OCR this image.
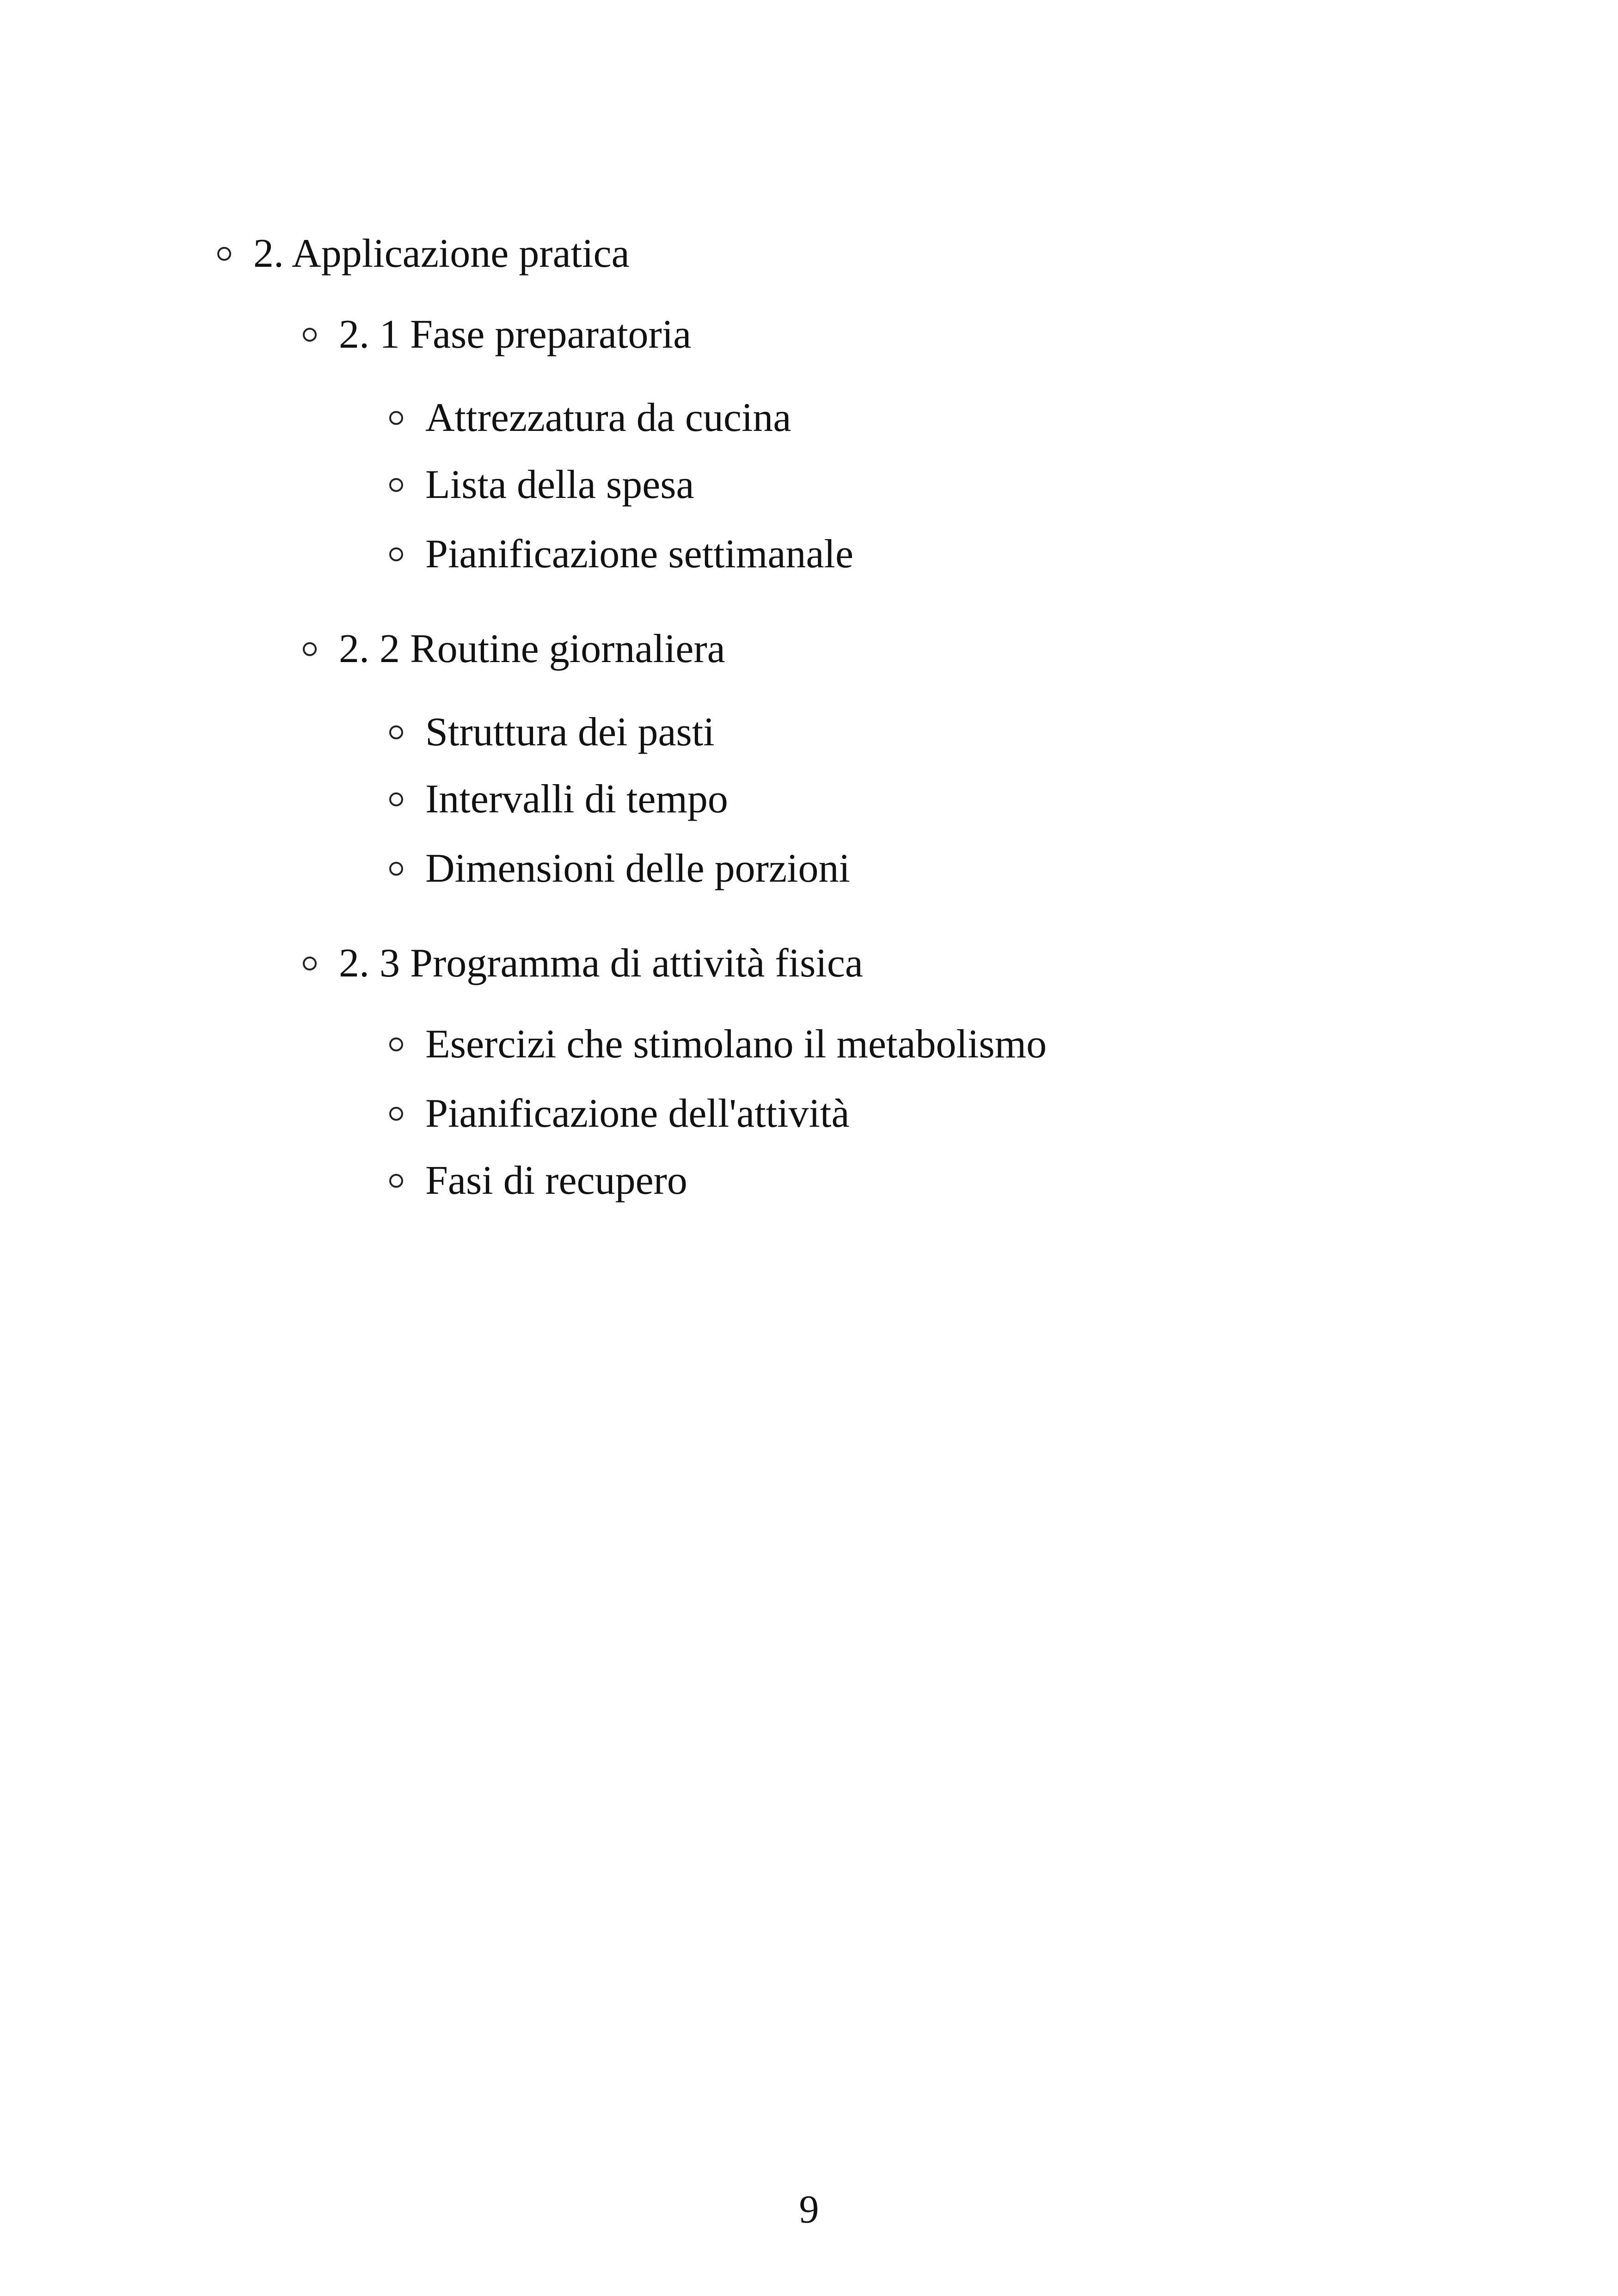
2. Applicazione pratica
2. 1 Fase preparatoria
Attrezzatura da cucina
Lista della spesa
Pianificazione settimanale
2. 2 Routine giornaliera
Struttura dei pasti
Intervalli di tempo
Dimensioni delle porzioni
2. 3 Programma di attività fisica
Esercizi che stimolano il metabolismo
Pianificazione dell'attività
Fasi di recupero
9
